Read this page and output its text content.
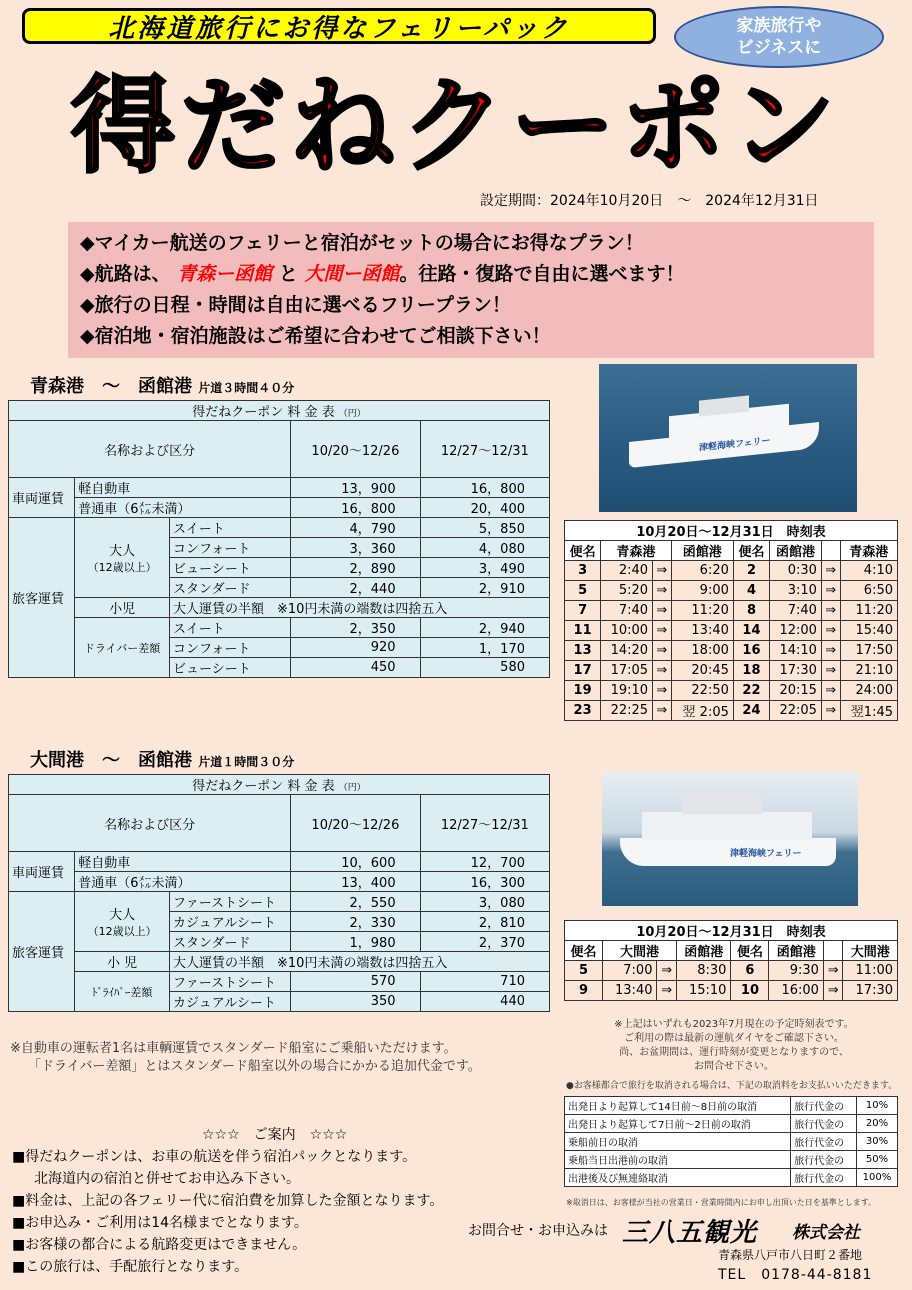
北海道旅行にお得なフェリーパック	家族旅行や
ビジネスに
得だねクーポン
設定期間：2024年10月20日　～　2024年12月31日
◆マイカー航送のフェリーと宿泊がセットの場合にお得なプラン！
◆航路は、 青森ー函館 と 大間ー函館。往路・復路で自由に選べます！
◆旅行の日程・時間は自由に選べるフリープラン！
◆宿泊地・宿泊施設はご希望に合わせてご相談下さい！
青森港　～　函館港 片道３時間４０分
得だねクーポン 料 金 表 （円）				
名称および区分			10/20～12/26	12/27～12/31
車両運賃	軽自動車		13，900	16，800
	普通車（6㍍未満）		16，800	20，400
旅客運賃	大人
（12歳以上）	スイート	4，790	5，850
		コンフォート	3，360	4，080
		ビューシート	2，890	3，490
		スタンダード	2，440	2，910
	小児	大人運賃の半額　※10円未満の端数は四捨五入		
	ドライバー差額	スイート	2，350	2，940
		コンフォート	920	1，170
		ビューシート	450	580
津軽海峡フェリー
10月20日～12月31日　時刻表							
便名	青森港		函館港	便名	函館港		青森港
3	2:40	⇒	6:20	2	0:30	⇒	4:10
5	5:20	⇒	9:00	4	3:10	⇒	6:50
7	7:40	⇒	11:20	8	7:40	⇒	11:20
11	10:00	⇒	13:40	14	12:00	⇒	15:40
13	14:20	⇒	18:00	16	14:10	⇒	17:50
17	17:05	⇒	20:45	18	17:30	⇒	21:10
19	19:10	⇒	22:50	22	20:15	⇒	24:00
23	22:25	⇒	翌 2:05	24	22:05	⇒	翌1:45
大間港　～　函館港 片道１時間３０分
得だねクーポン 料 金 表 （円）				
名称および区分			10/20～12/26	12/27～12/31
車両運賃	軽自動車		10，600	12，700
	普通車（6㍍未満）		13，400	16，300
旅客運賃	大人
（12歳以上）	ファーストシート	2，550	3，080
		カジュアルシート	2，330	2，810
		スタンダード	1，980	2，370
	小 児	大人運賃の半額　※10円未満の端数は四捨五入		
	ﾄﾞﾗｲﾊﾞｰ差額	ファーストシート	570	710
		カジュアルシート	350	440
津軽海峡フェリー
10月20日～12月31日　時刻表							
便名	大間港		函館港	便名	函館港		大間港
5	7:00	⇒	8:30	6	9:30	⇒	11:00
9	13:40	⇒	15:10	10	16:00	⇒	17:30
※自動車の運転者1名は車輌運賃でスタンダード船室にご乗船いただけます。
「ドライバー差額」とはスタンダード船室以外の場合にかかる追加代金です。
※上記はいずれも2023年7月現在の予定時刻表です。
ご利用の際は最新の運航ダイヤをご確認下さい。
尚、お盆期間は、運行時刻が変更となりますので、
お問合せ下さい。
●お客様都合で旅行を取消される場合は、下記の取消料をお支払いいただきます。
出発日より起算して14日前～8日前の取消	旅行代金の	10%
出発日より起算して7日前～2日前の取消	旅行代金の	20%
乗船前日の取消	旅行代金の	30%
乗船当日出港前の取消	旅行代金の	50%
出港後及び無連絡取消	旅行代金の	100%
※取消日は、お客様が当社の営業日・営業時間内にお申し出頂いた日を基準とします。
☆☆☆　ご案内　☆☆☆
■得だねクーポンは、お車の航送を伴う宿泊パックとなります。
北海道内の宿泊と併せてお申込み下さい。
■料金は、上記の各フェリー代に宿泊費を加算した金額となります。
■お申込み・ご利用は14名様までとなります。
■お客様の都合による航路変更はできません。
■この旅行は、手配旅行となります。
お問合せ・お申込みは 三八五観光 株式会社
青森県八戸市八日町２番地
TEL　0178-44-8181
